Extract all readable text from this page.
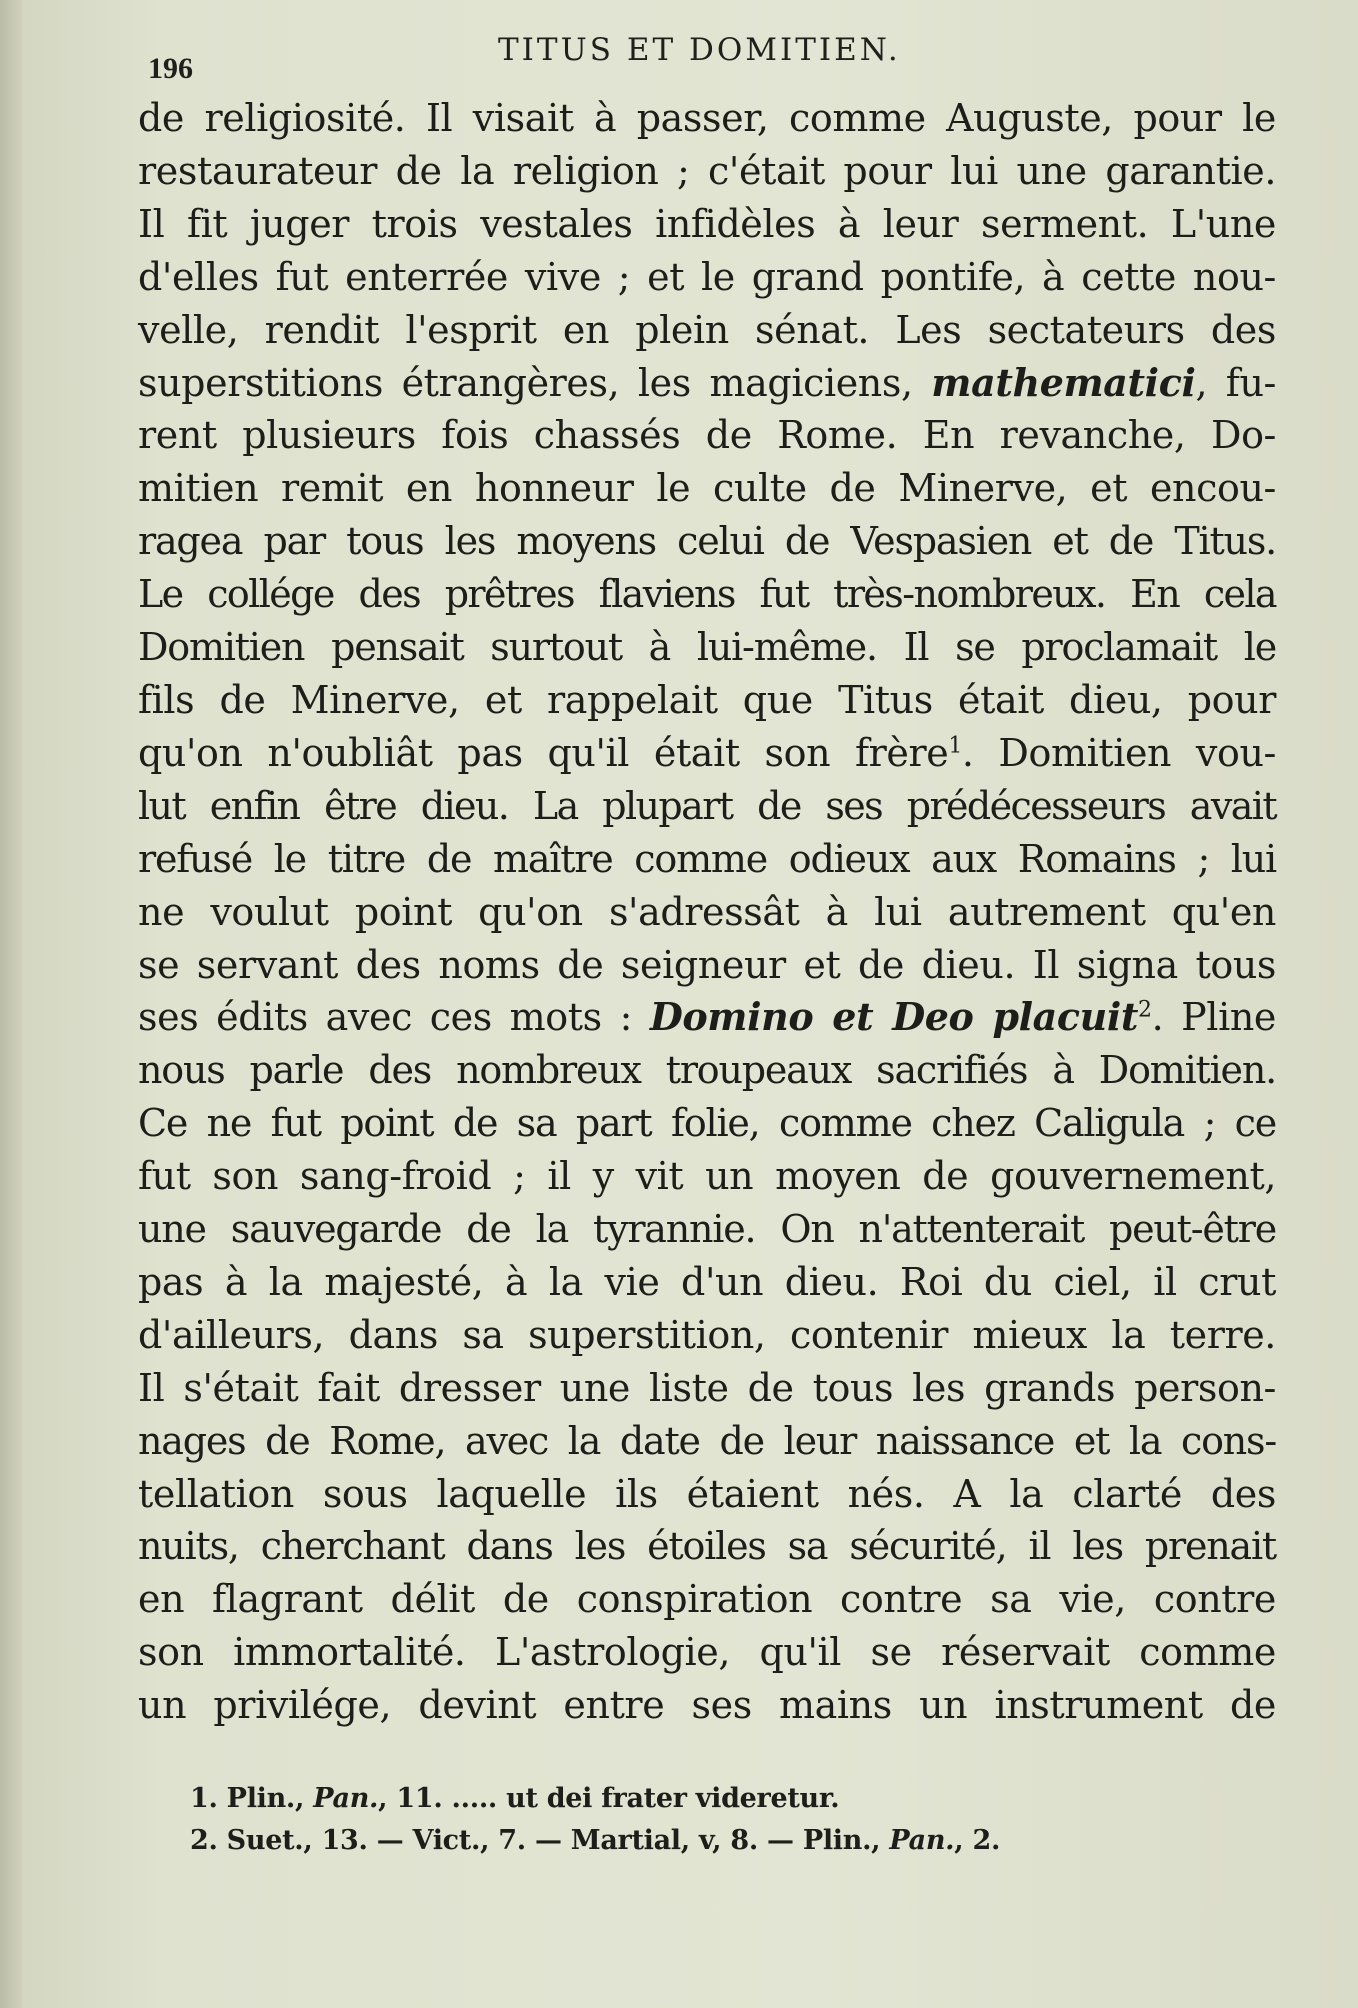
196
TITUS ET DOMITIEN.
de religiosité. Il visait à passer, comme Auguste, pour le
restaurateur de la religion ; c'était pour lui une garantie.
Il fit juger trois vestales infidèles à leur serment. L'une
d'elles fut enterrée vive ; et le grand pontife, à cette nou-
velle, rendit l'esprit en plein sénat. Les sectateurs des
superstitions étrangères, les magiciens, mathematici, fu-
rent plusieurs fois chassés de Rome. En revanche, Do-
mitien remit en honneur le culte de Minerve, et encou-
ragea par tous les moyens celui de Vespasien et de Titus.
Le collége des prêtres flaviens fut très-nombreux. En cela
Domitien pensait surtout à lui-même. Il se proclamait le
fils de Minerve, et rappelait que Titus était dieu, pour
qu'on n'oubliât pas qu'il était son frère$^1$. Domitien vou-
lut enfin être dieu. La plupart de ses prédécesseurs avait
refusé le titre de maître comme odieux aux Romains ; lui
ne voulut point qu'on s'adressât à lui autrement qu'en
se servant des noms de seigneur et de dieu. Il signa tous
ses édits avec ces mots : Domino et Deo placuit$^2$. Pline
nous parle des nombreux troupeaux sacrifiés à Domitien.
Ce ne fut point de sa part folie, comme chez Caligula ; ce
fut son sang-froid ; il y vit un moyen de gouvernement,
une sauvegarde de la tyrannie. On n'attenterait peut-être
pas à la majesté, à la vie d'un dieu. Roi du ciel, il crut
d'ailleurs, dans sa superstition, contenir mieux la terre.
Il s'était fait dresser une liste de tous les grands person-
nages de Rome, avec la date de leur naissance et la cons-
tellation sous laquelle ils étaient nés. A la clarté des
nuits, cherchant dans les étoiles sa sécurité, il les prenait
en flagrant délit de conspiration contre sa vie, contre
son immortalité. L'astrologie, qu'il se réservait comme
un privilége, devint entre ses mains un instrument de
1. Plin., Pan., 11. ..... ut dei frater videretur.
2. Suet., 13. — Vict., 7. — Martial, v, 8. — Plin., Pan., 2.
